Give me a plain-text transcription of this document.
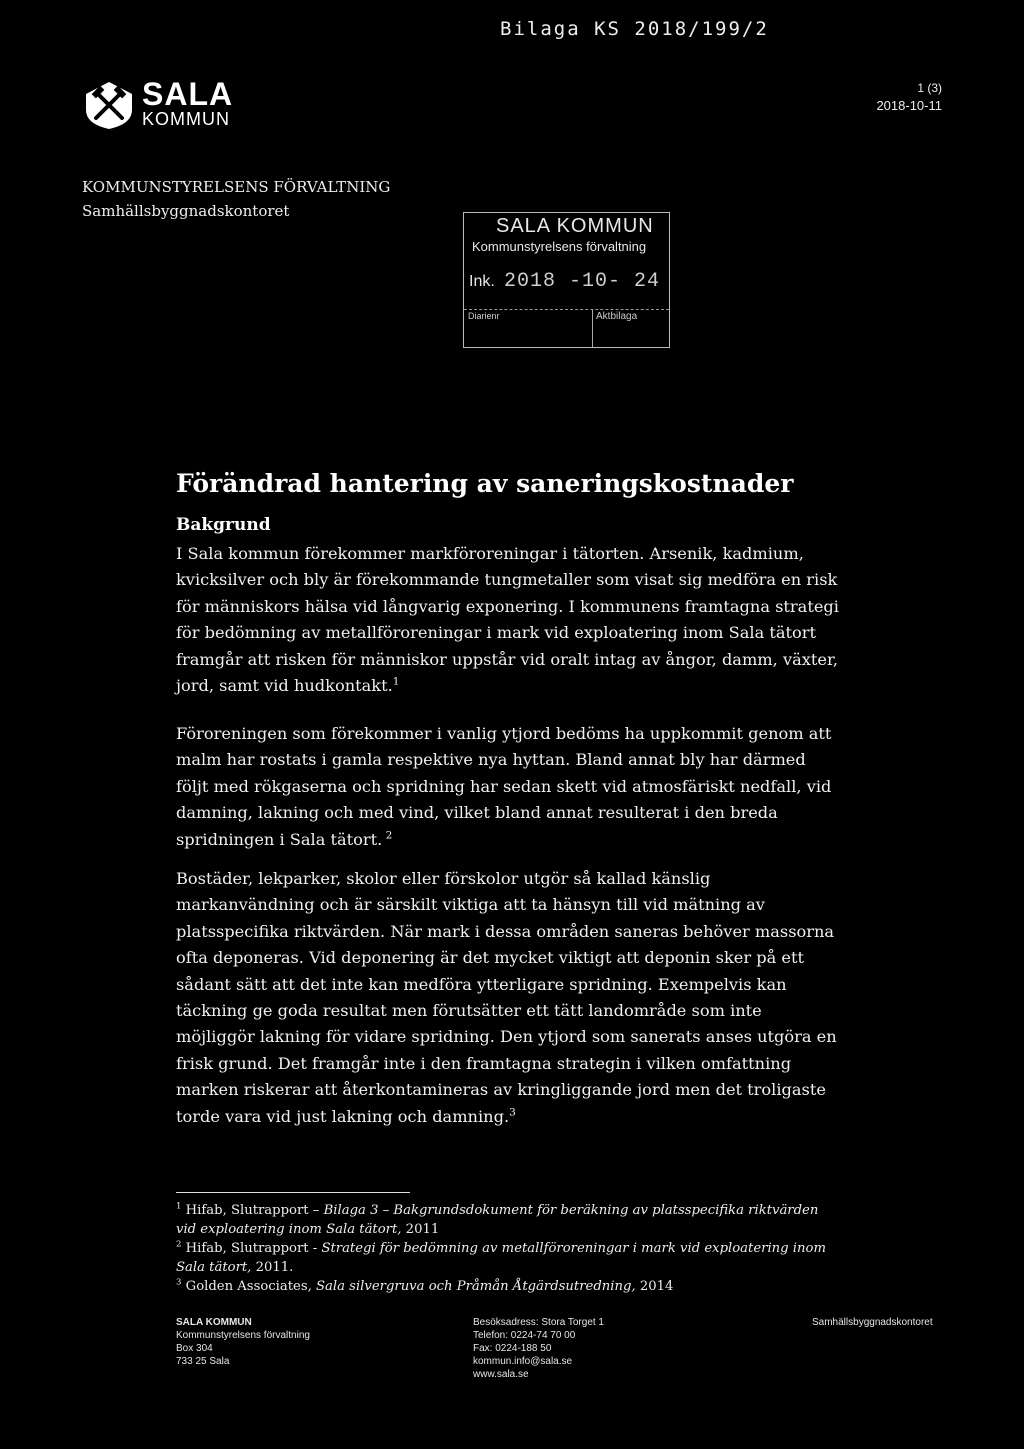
Bilaga KS 2018/199/2
SALA
KOMMUN
1 (3)
2018-10-11
KOMMUNSTYRELSENS FÖRVALTNING
Samhällsbyggnadskontoret
SALA KOMMUN
Kommunstyrelsens förvaltning
Ink. 2018 -10- 24
Diarienr	Aktbilaga
Förändrad hantering av saneringskostnader
Bakgrund
I Sala kommun förekommer markföroreningar i tätorten. Arsenik, kadmium, kvicksilver och bly är förekommande tungmetaller som visat sig medföra en risk för människors hälsa vid långvarig exponering. I kommunens framtagna strategi för bedömning av metallföroreningar i mark vid exploatering inom Sala tätort framgår att risken för människor uppstår vid oralt intag av ångor, damm, växter, jord, samt vid hudkontakt.$^1$
Föroreningen som förekommer i vanlig ytjord bedöms ha uppkommit genom att malm har rostats i gamla respektive nya hyttan. Bland annat bly har därmed följt med rökgaserna och spridning har sedan skett vid atmosfäriskt nedfall, vid damning, lakning och med vind, vilket bland annat resulterat i den breda spridningen i Sala tätort. $^2$
Bostäder, lekparker, skolor eller förskolor utgör så kallad känslig markanvändning och är särskilt viktiga att ta hänsyn till vid mätning av platsspecifika riktvärden. När mark i dessa områden saneras behöver massorna ofta deponeras. Vid deponering är det mycket viktigt att deponin sker på ett sådant sätt att det inte kan medföra ytterligare spridning. Exempelvis kan täckning ge goda resultat men förutsätter ett tätt landområde som inte möjliggör lakning för vidare spridning. Den ytjord som sanerats anses utgöra en frisk grund. Det framgår inte i den framtagna strategin i vilken omfattning marken riskerar att återkontamineras av kringliggande jord men det troligaste torde vara vid just lakning och damning.$^3$

$^1$ Hifab, Slutrapport – Bilaga 3 – Bakgrundsdokument för beräkning av platsspecifika riktvärden vid exploatering inom Sala tätort, 2011

$^2$ Hifab, Slutrapport - Strategi för bedömning av metallföroreningar i mark vid exploatering inom Sala tätort, 2011.

$^3$ Golden Associates, Sala silvergruva och Pråmån Åtgärdsutredning, 2014

SALA KOMMUN
Kommunstyrelsens förvaltning
Box 304
733 25 Sala
Besöksadress: Stora Torget 1
Telefon: 0224-74 70 00
Fax: 0224-188 50
kommun.info@sala.se
www.sala.se
Samhällsbyggnadskontoret
